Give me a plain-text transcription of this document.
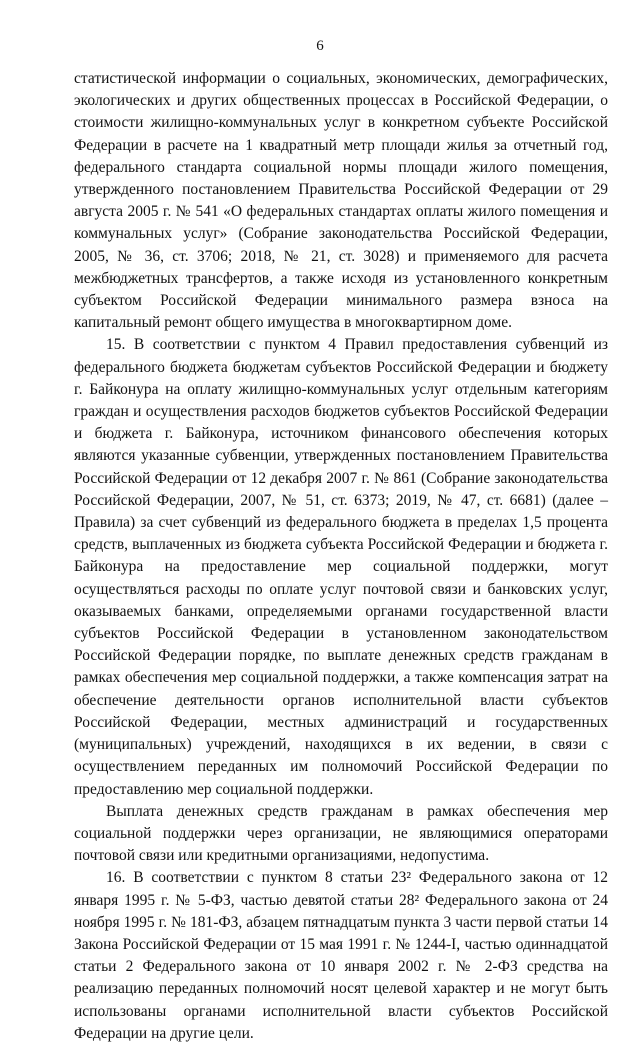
6

статистической информации о социальных, экономических, демографических, экологических и других общественных процессах в Российской Федерации, о стоимости жилищно-коммунальных услуг в конкретном субъекте Российской Федерации в расчете на 1 квадратный метр площади жилья за отчетный год, федерального стандарта социальной нормы площади жилого помещения, утвержденного постановлением Правительства Российской Федерации от 29 августа 2005 г. № 541 «О федеральных стандартах оплаты жилого помещения и коммунальных услуг» (Собрание законодательства Российской Федерации, 2005, № 36, ст. 3706; 2018, № 21, ст. 3028) и применяемого для расчета межбюджетных трансфертов, а также исходя из установленного конкретным субъектом Российской Федерации минимального размера взноса на капитальный ремонт общего имущества в многоквартирном доме.

15. В соответствии с пунктом 4 Правил предоставления субвенций из федерального бюджета бюджетам субъектов Российской Федерации и бюджету г. Байконура на оплату жилищно-коммунальных услуг отдельным категориям граждан и осуществления расходов бюджетов субъектов Российской Федерации и бюджета г. Байконура, источником финансового обеспечения которых являются указанные субвенции, утвержденных постановлением Правительства Российской Федерации от 12 декабря 2007 г. № 861 (Собрание законодательства Российской Федерации, 2007, № 51, ст. 6373; 2019, № 47, ст. 6681) (далее – Правила) за счет субвенций из федерального бюджета в пределах 1,5 процента средств, выплаченных из бюджета субъекта Российской Федерации и бюджета г. Байконура на предоставление мер социальной поддержки, могут осуществляться расходы по оплате услуг почтовой связи и банковских услуг, оказываемых банками, определяемыми органами государственной власти субъектов Российской Федерации в установленном законодательством Российской Федерации порядке, по выплате денежных средств гражданам в рамках обеспечения мер социальной поддержки, а также компенсация затрат на обеспечение деятельности органов исполнительной власти субъектов Российской Федерации, местных администраций и государственных (муниципальных) учреждений, находящихся в их ведении, в связи с осуществлением переданных им полномочий Российской Федерации по предоставлению мер социальной поддержки.

Выплата денежных средств гражданам в рамках обеспечения мер социальной поддержки через организации, не являющимися операторами почтовой связи или кредитными организациями, недопустима.

16. В соответствии с пунктом 8 статьи 23² Федерального закона от 12 января 1995 г. № 5-ФЗ, частью девятой статьи 28² Федерального закона от 24 ноября 1995 г. № 181-ФЗ, абзацем пятнадцатым пункта 3 части первой статьи 14 Закона Российской Федерации от 15 мая 1991 г. № 1244-I, частью одиннадцатой статьи 2 Федерального закона от 10 января 2002 г. № 2-ФЗ средства на реализацию переданных полномочий носят целевой характер и не могут быть использованы органами исполнительной власти субъектов Российской Федерации на другие цели.
